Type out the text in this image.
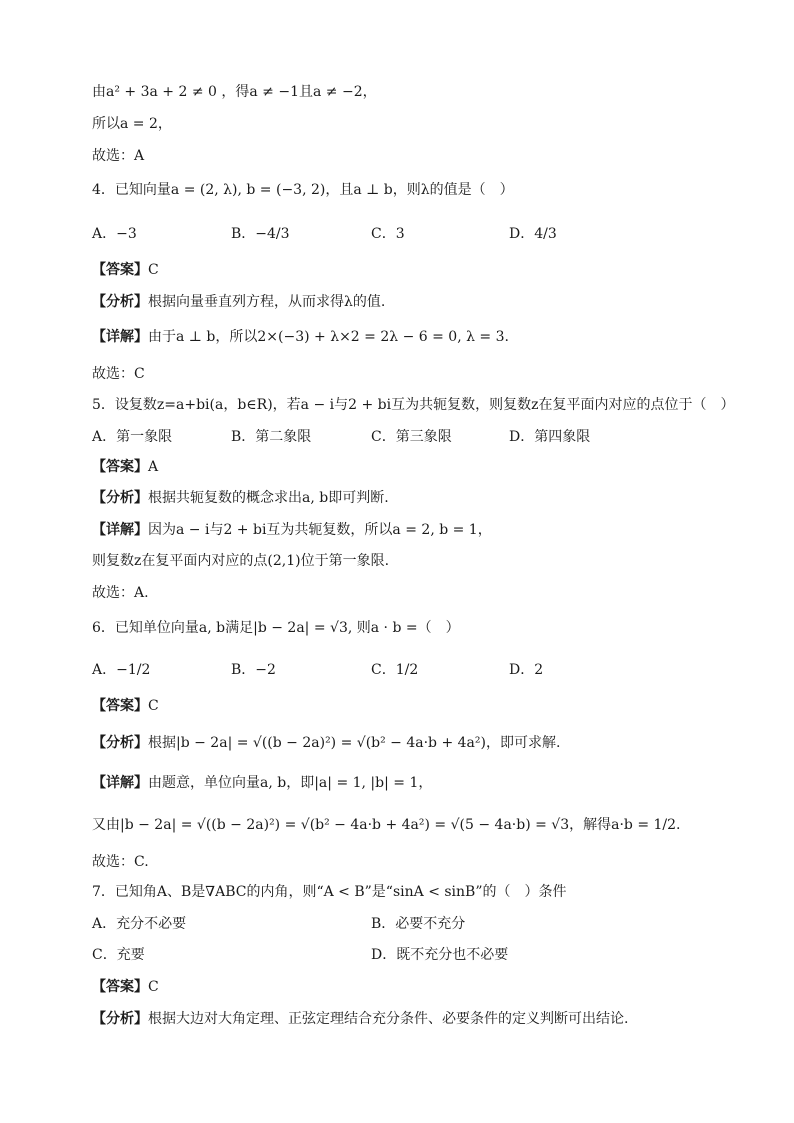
由a² + 3a + 2 ≠ 0 ，得a ≠ −1且a ≠ −2，
所以a = 2，
故选：A
4．已知向量a = (2, λ), b = (−3, 2)，且a ⊥ b，则λ的值是（　）
A．−3	B．−4/3	C．3	D．4/3
【答案】C
【分析】根据向量垂直列方程，从而求得λ的值.
【详解】由于a ⊥ b，所以2×(−3) + λ×2 = 2λ − 6 = 0, λ = 3.
故选：C
5．设复数z=a+bi(a，b∈R)，若a − i与2 + bi互为共轭复数，则复数z在复平面内对应的点位于（　）
A．第一象限	B．第二象限	C．第三象限	D．第四象限
【答案】A
【分析】根据共轭复数的概念求出a, b即可判断.
【详解】因为a − i与2 + bi互为共轭复数，所以a = 2, b = 1，
则复数z在复平面内对应的点(2,1)位于第一象限.
故选：A.
6．已知单位向量a, b满足|b − 2a| = √3, 则a · b =（　）
A．−1/2	B．−2	C．1/2	D．2
【答案】C
【分析】根据|b − 2a| = √((b − 2a)²) = √(b² − 4a·b + 4a²)，即可求解.
【详解】由题意，单位向量a, b，即|a| = 1, |b| = 1，
又由|b − 2a| = √((b − 2a)²) = √(b² − 4a·b + 4a²) = √(5 − 4a·b) = √3，解得a·b = 1/2.
故选：C.
7．已知角A、B是∇ABC的内角，则“A < B”是“sinA < sinB”的（　）条件
A．充分不必要	B．必要不充分
C．充要	D．既不充分也不必要
【答案】C
【分析】根据大边对大角定理、正弦定理结合充分条件、必要条件的定义判断可出结论.
